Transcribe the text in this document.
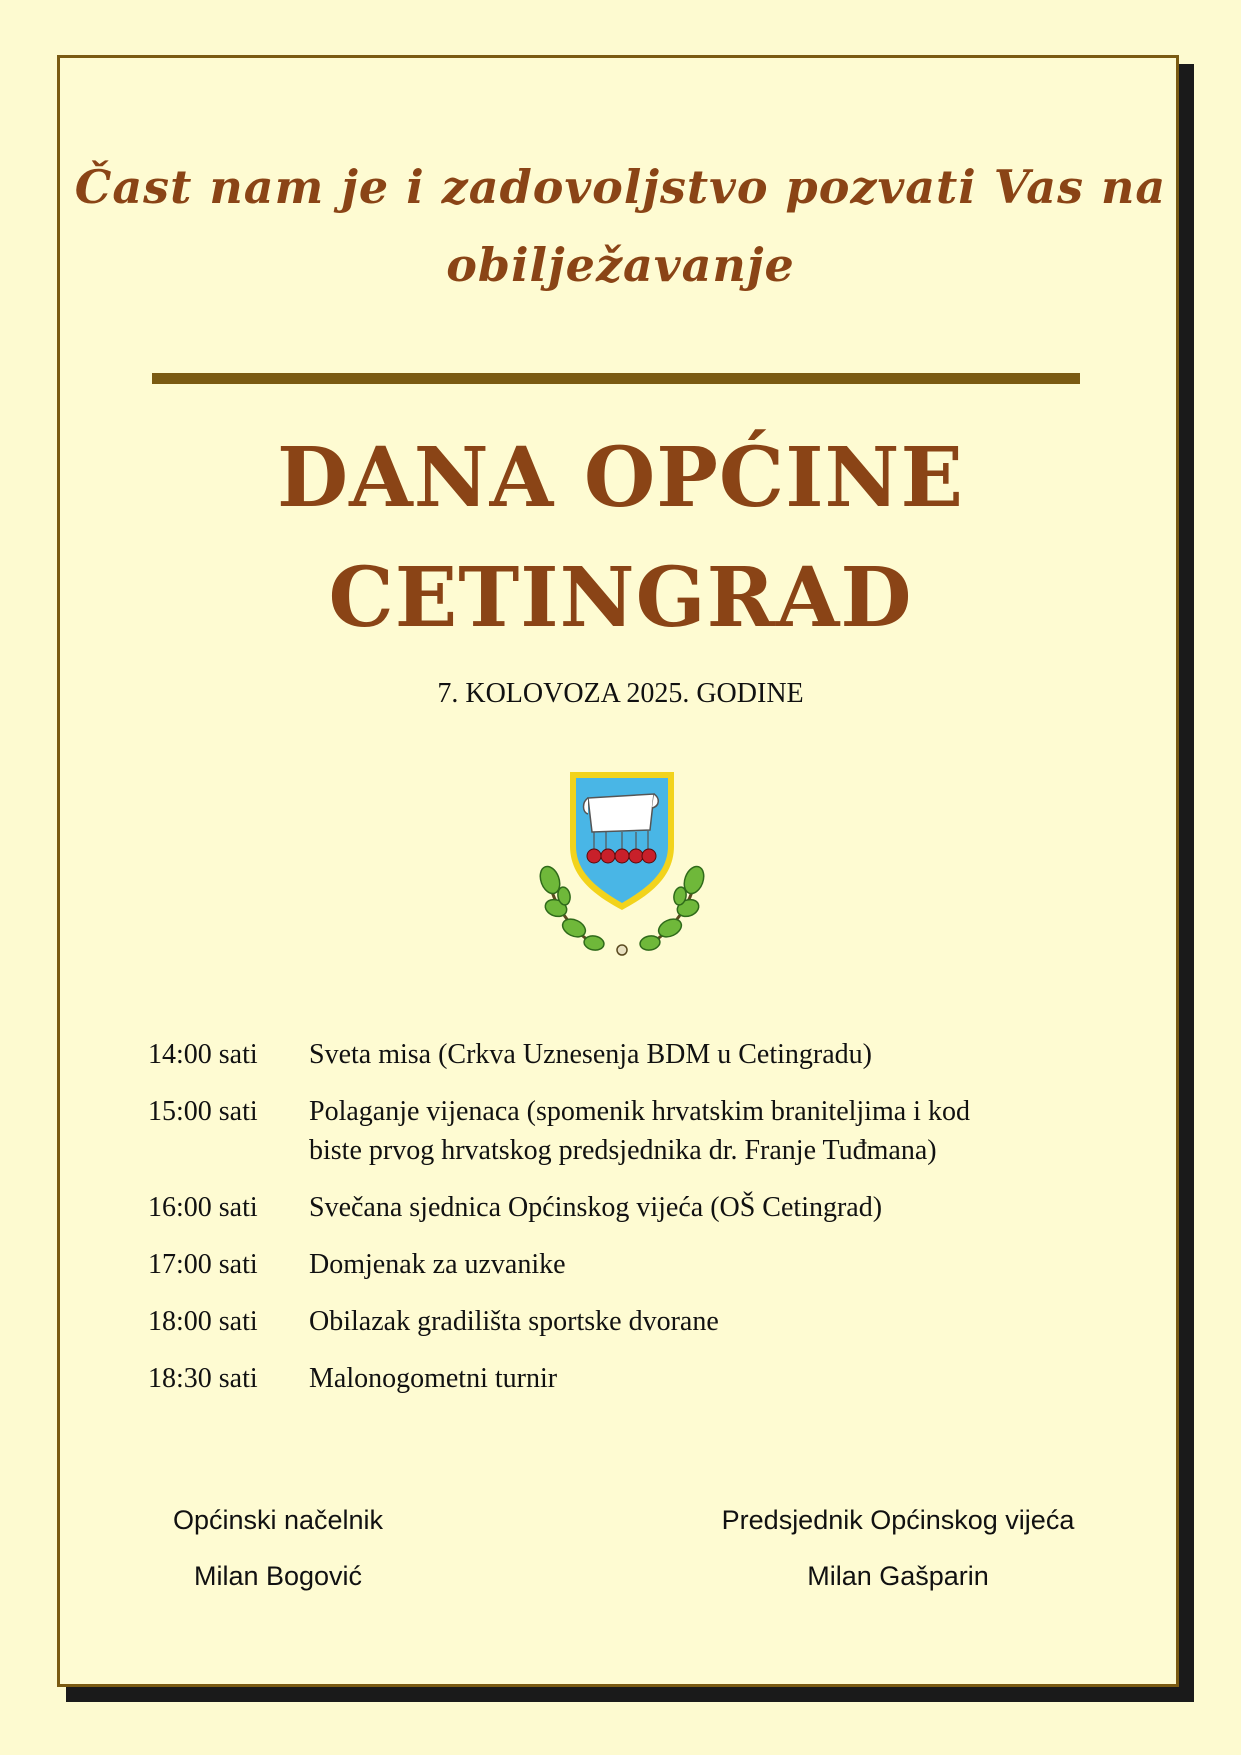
Čast nam je i zadovoljstvo pozvati Vas na
obilježavanje
DANA OPĆINE
CETINGRAD
7. KOLOVOZA 2025. GODINE
14:00 sati	Sveta misa (Crkva Uznesenja BDM u Cetingradu)
15:00 sati	Polaganje vijenaca (spomenik hrvatskim braniteljima i kod biste prvog hrvatskog predsjednika dr. Franje Tuđmana)
16:00 sati	Svečana sjednica Općinskog vijeća (OŠ Cetingrad)
17:00 sati	Domjenak za uzvanike
18:00 sati	Obilazak gradilišta sportske dvorane
18:30 sati	Malonogometni turnir
Općinski načelnik
Milan Bogović
Predsjednik Općinskog vijeća
Milan Gašparin
